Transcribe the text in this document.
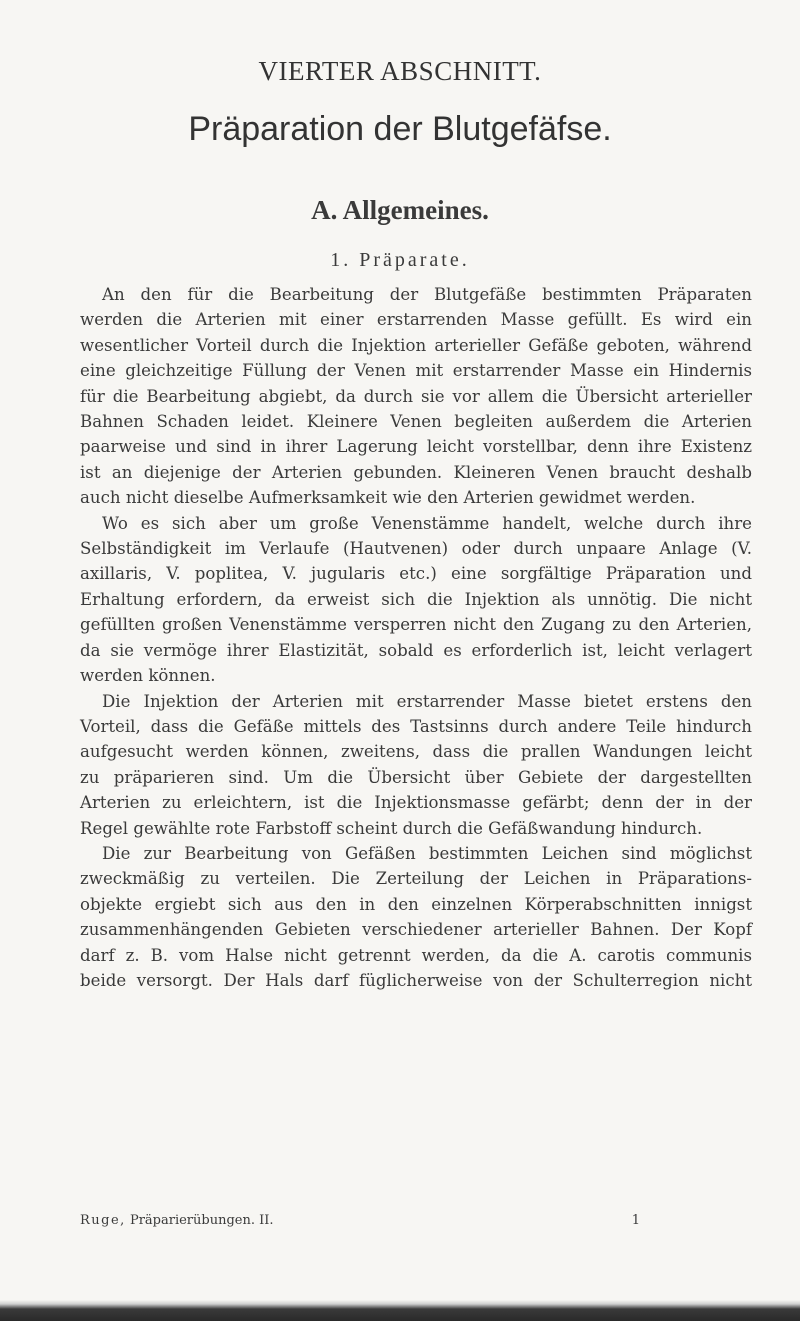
VIERTER ABSCHNITT.
Präparation der Blutgefäfse.
A. Allgemeines.
1. Präparate.
An den für die Bearbeitung der Blutgefäße bestimmten Präparaten
werden die Arterien mit einer erstarrenden Masse gefüllt. Es wird ein
wesentlicher Vorteil durch die Injektion arterieller Gefäße geboten, während
eine gleichzeitige Füllung der Venen mit erstarrender Masse ein Hindernis
für die Bearbeitung abgiebt, da durch sie vor allem die Übersicht arterieller
Bahnen Schaden leidet. Kleinere Venen begleiten außerdem die Arterien
paarweise und sind in ihrer Lagerung leicht vorstellbar, denn ihre Existenz
ist an diejenige der Arterien gebunden. Kleineren Venen braucht deshalb
auch nicht dieselbe Aufmerksamkeit wie den Arterien gewidmet werden.
Wo es sich aber um große Venenstämme handelt, welche durch ihre
Selbständigkeit im Verlaufe (Hautvenen) oder durch unpaare Anlage (V.
axillaris, V. poplitea, V. jugularis etc.) eine sorgfältige Präparation und
Erhaltung erfordern, da erweist sich die Injektion als unnötig. Die nicht
gefüllten großen Venenstämme versperren nicht den Zugang zu den Arterien,
da sie vermöge ihrer Elastizität, sobald es erforderlich ist, leicht verlagert
werden können.
Die Injektion der Arterien mit erstarrender Masse bietet erstens den
Vorteil, dass die Gefäße mittels des Tastsinns durch andere Teile hindurch
aufgesucht werden können, zweitens, dass die prallen Wandungen leicht
zu präparieren sind. Um die Übersicht über Gebiete der dargestellten
Arterien zu erleichtern, ist die Injektionsmasse gefärbt; denn der in der
Regel gewählte rote Farbstoff scheint durch die Gefäßwandung hindurch.
Die zur Bearbeitung von Gefäßen bestimmten Leichen sind möglichst
zweckmäßig zu verteilen. Die Zerteilung der Leichen in Präparations-
objekte ergiebt sich aus den in den einzelnen Körperabschnitten innigst
zusammenhängenden Gebieten verschiedener arterieller Bahnen. Der Kopf
darf z. B. vom Halse nicht getrennt werden, da die A. carotis communis
beide versorgt. Der Hals darf füglicherweise von der Schulterregion nicht
Ruge, Präparierübungen. II.	1
